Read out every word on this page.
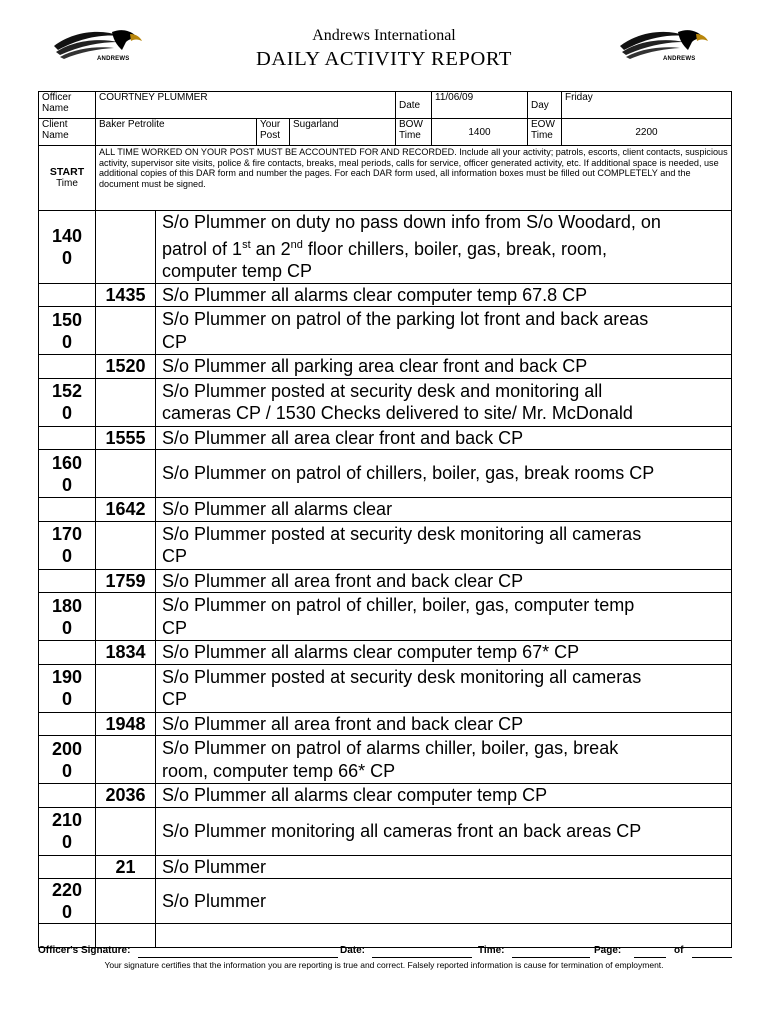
ANDREWS	ANDREWS
Andrews International
DAILY ACTIVITY REPORT
Officer Name	COURTNEY PLUMMER			Date	11/06/09	Day	Friday
Client Name	Baker Petrolite	Your Post	Sugarland	BOW Time	1400	EOW Time	2200

START
Time	ALL TIME WORKED ON YOUR POST MUST BE ACCOUNTED FOR AND RECORDED. Include all your activity; patrols, escorts, client contacts, suspicious activity, supervisor site visits, police & fire contacts, breaks, meal periods, calls for service, officer generated activity, etc. If additional space is needed, use additional copies of this DAR form and number the pages. For each DAR form used, all information boxes must be filled out COMPLETELY and the document must be signed.						
1400		S/o Plummer on duty no pass down info from S/o Woodard, on
patrol of 1st an 2nd floor chillers, boiler, gas, break, room,
computer temp CP

	1435	S/o Plummer all alarms clear computer temp 67.8 CP

1500		S/o Plummer on patrol of the parking lot front and back areas
CP

	1520	S/o Plummer all parking area clear front and back CP

1520		S/o Plummer posted at security desk and monitoring all
cameras CP / 1530 Checks delivered to site/ Mr. McDonald

	1555	S/o Plummer all area clear front and back CP

1600		S/o Plummer on patrol of chillers, boiler, gas, break rooms CP

	1642	S/o Plummer all alarms clear

1700		S/o Plummer posted at security desk monitoring all cameras
CP

	1759	S/o Plummer all area front and back clear CP

1800		S/o Plummer on patrol of chiller, boiler, gas, computer temp
CP

	1834	S/o Plummer all alarms clear computer temp 67* CP

1900		S/o Plummer posted at security desk monitoring all cameras
CP

	1948	S/o Plummer all area front and back clear CP

2000		S/o Plummer on patrol of alarms chiller, boiler, gas, break
room, computer temp 66* CP

	2036	S/o Plummer all alarms clear computer temp CP

2100		S/o Plummer monitoring all cameras front an back areas CP

	21	S/o Plummer

2200		S/o Plummer

Officer's Signature:	Date:	Time:	Page:	of
Your signature certifies that the information you are reporting is true and correct. Falsely reported information is cause for termination of employment.
